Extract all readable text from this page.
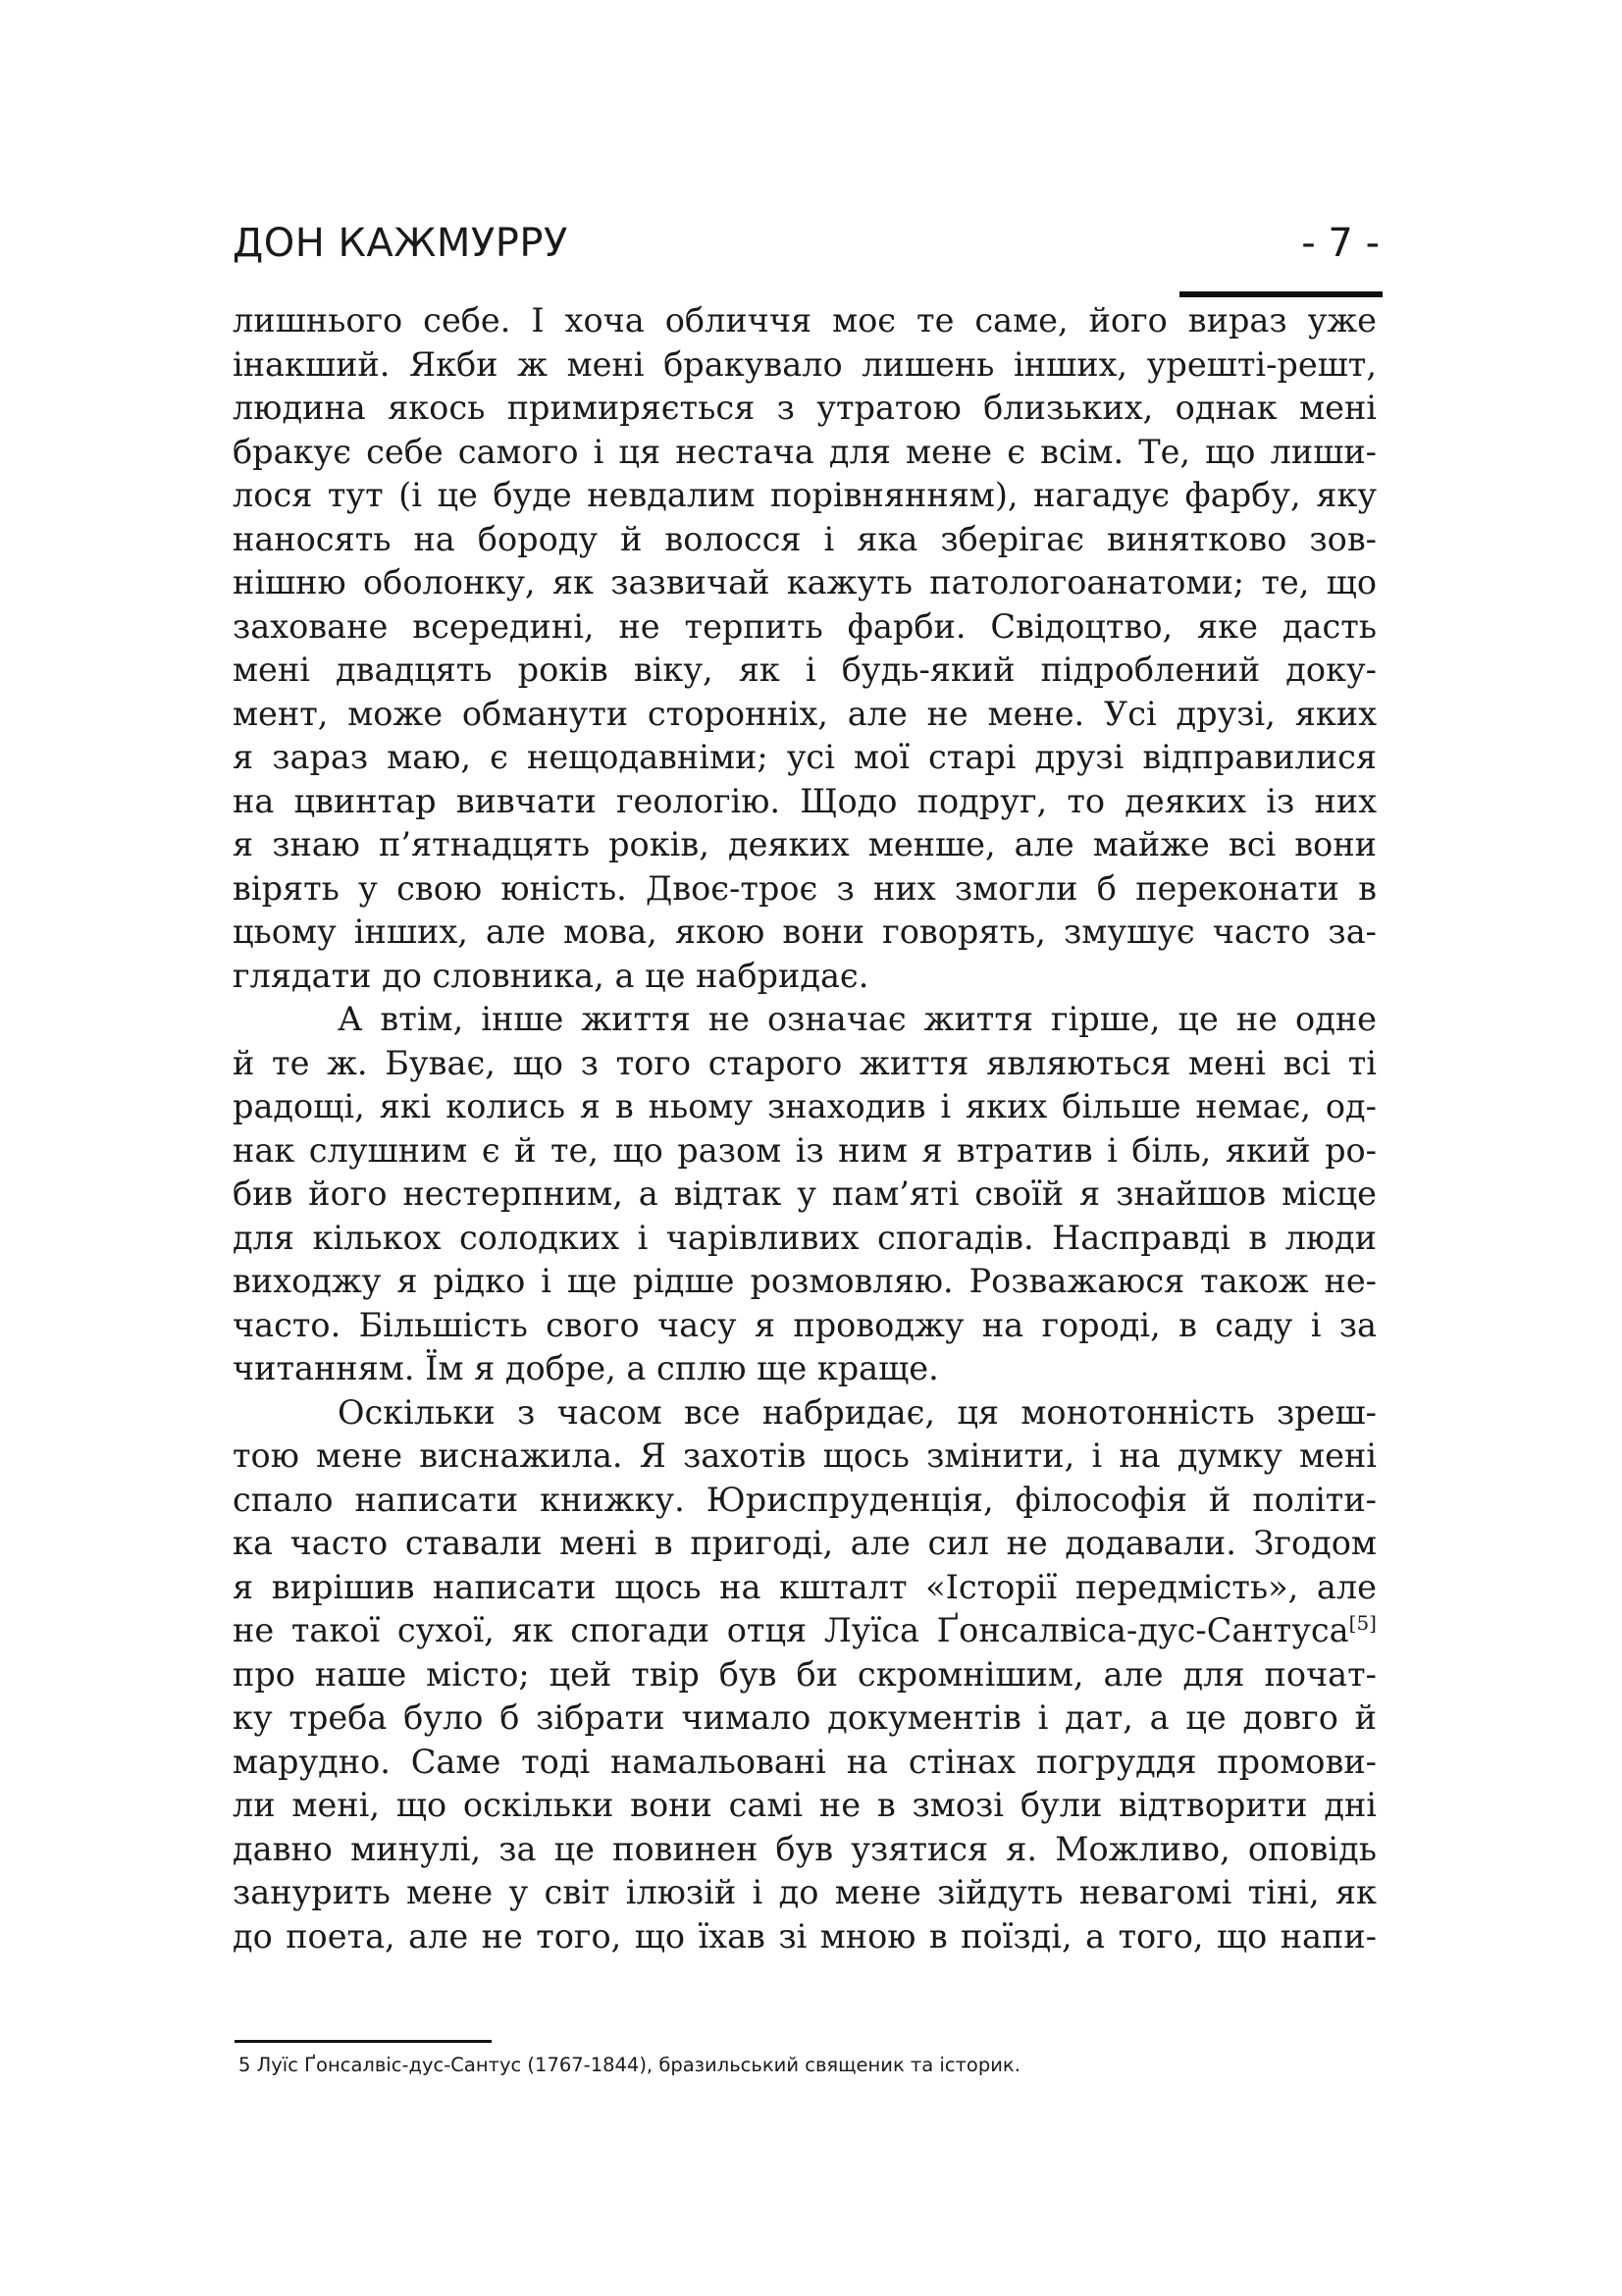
ДОН КАЖМУРРУ	- 7 -

лишнього себе. І хоча обличчя моє те саме, його вираз уже
інакший. Якби ж мені бракувало лишень інших, урешті-решт,
людина якось примиряється з утратою близьких, однак мені
бракує себе самого і ця нестача для мене є всім. Те, що лиши-
лося тут (і це буде невдалим порівнянням), нагадує фарбу, яку
наносять на бороду й волосся і яка зберігає винятково зов-
нішню оболонку, як зазвичай кажуть патологоанатоми; те, що
заховане всередині, не терпить фарби. Свідоцтво, яке дасть
мені двадцять років віку, як і будь-який підроблений доку-
мент, може обманути сторонніх, але не мене. Усі друзі, яких
я зараз маю, є нещодавніми; усі мої старі друзі відправилися
на цвинтар вивчати геологію. Щодо подруг, то деяких із них
я знаю п’ятнадцять років, деяких менше, але майже всі вони
вірять у свою юність. Двоє-троє з них змогли б переконати в
цьому інших, але мова, якою вони говорять, змушує часто за-
глядати до словника, а це набридає.

А втім, інше життя не означає життя гірше, це не одне
й те ж. Буває, що з того старого життя являються мені всі ті
радощі, які колись я в ньому знаходив і яких більше немає, од-
нак слушним є й те, що разом із ним я втратив і біль, який ро-
бив його нестерпним, а відтак у пам’яті своїй я знайшов місце
для кількох солодких і чарівливих спогадів. Насправді в люди
виходжу я рідко і ще рідше розмовляю. Розважаюся також не-
часто. Більшість свого часу я проводжу на городі, в саду і за
читанням. Їм я добре, а сплю ще краще.

Оскільки з часом все набридає, ця монотонність зреш-
тою мене виснажила. Я захотів щось змінити, і на думку мені
спало написати книжку. Юриспруденція, філософія й політи-
ка часто ставали мені в пригоді, але сил не додавали. Згодом
я вирішив написати щось на кшталт «Історії передмість», але
не такої сухої, як спогади отця Луїса Ґонсалвіса-дус-Сантуса[5]
про наше місто; цей твір був би скромнішим, але для почат-
ку треба було б зібрати чимало документів і дат, а це довго й
марудно. Саме тоді намальовані на стінах погруддя промови-
ли мені, що оскільки вони самі не в змозі були відтворити дні
давно минулі, за це повинен був узятися я. Можливо, оповідь
занурить мене у світ ілюзій і до мене зійдуть невагомі тіні, як
до поета, але не того, що їхав зі мною в поїзді, а того, що напи-

5 Луїс Ґонсалвіс-дус-Сантус (1767-1844), бразильський священик та історик.
